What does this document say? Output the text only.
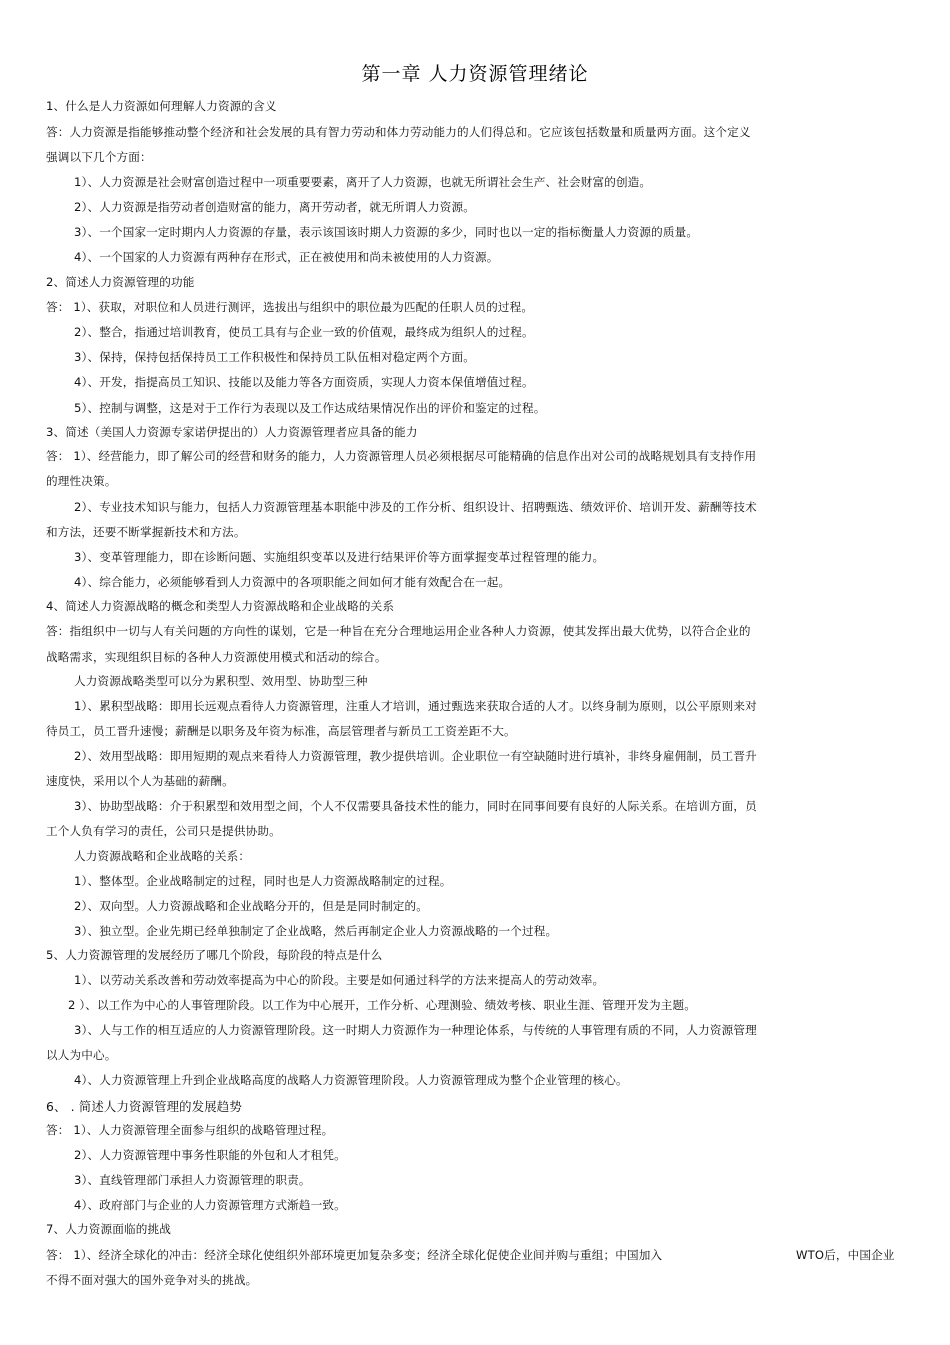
第一章 人力资源管理绪论
1、什么是人力资源如何理解人力资源的含义
答：人力资源是指能够推动整个经济和社会发展的具有智力劳动和体力劳动能力的人们得总和。它应该包括数量和质量两方面。这个定义
强调以下几个方面：
1）、人力资源是社会财富创造过程中一项重要要素，离开了人力资源，也就无所谓社会生产、社会财富的创造。
2）、人力资源是指劳动者创造财富的能力，离开劳动者，就无所谓人力资源。
3）、一个国家一定时期内人力资源的存量，表示该国该时期人力资源的多少，同时也以一定的指标衡量人力资源的质量。
4）、一个国家的人力资源有两种存在形式，正在被使用和尚未被使用的人力资源。
2、简述人力资源管理的功能
答： 1）、获取，对职位和人员进行测评，选拔出与组织中的职位最为匹配的任职人员的过程。
2）、整合，指通过培训教育，使员工具有与企业一致的价值观，最终成为组织人的过程。
3）、保持，保持包括保持员工工作积极性和保持员工队伍相对稳定两个方面。
4）、开发，指提高员工知识、技能以及能力等各方面资质，实现人力资本保值增值过程。
5）、控制与调整，这是对于工作行为表现以及工作达成结果情况作出的评价和鉴定的过程。
3、简述（美国人力资源专家诺伊提出的）人力资源管理者应具备的能力
答： 1）、经营能力，即了解公司的经营和财务的能力，人力资源管理人员必须根据尽可能精确的信息作出对公司的战略规划具有支持作用
的理性决策。
2）、专业技术知识与能力，包括人力资源管理基本职能中涉及的工作分析、组织设计、招聘甄选、绩效评价、培训开发、薪酬等技术
和方法，还要不断掌握新技术和方法。
3）、变革管理能力，即在诊断问题、实施组织变革以及进行结果评价等方面掌握变革过程管理的能力。
4）、综合能力，必须能够看到人力资源中的各项职能之间如何才能有效配合在一起。
4、简述人力资源战略的概念和类型人力资源战略和企业战略的关系
答：指组织中一切与人有关问题的方向性的谋划，它是一种旨在充分合理地运用企业各种人力资源，使其发挥出最大优势，以符合企业的
战略需求，实现组织目标的各种人力资源使用模式和活动的综合。
人力资源战略类型可以分为累积型、效用型、协助型三种
1）、累积型战略：即用长远观点看待人力资源管理，注重人才培训，通过甄选来获取合适的人才。以终身制为原则，以公平原则来对
待员工，员工晋升速慢；薪酬是以职务及年资为标准，高层管理者与新员工工资差距不大。
2）、效用型战略：即用短期的观点来看待人力资源管理，教少提供培训。企业职位一有空缺随时进行填补，非终身雇佣制，员工晋升
速度快，采用以个人为基础的薪酬。
3）、协助型战略：介于积累型和效用型之间，个人不仅需要具备技术性的能力，同时在同事间要有良好的人际关系。在培训方面，员
工个人负有学习的责任，公司只是提供协助。
人力资源战略和企业战略的关系：
1）、整体型。企业战略制定的过程，同时也是人力资源战略制定的过程。
2）、双向型。人力资源战略和企业战略分开的，但是是同时制定的。
3）、独立型。企业先期已经单独制定了企业战略，然后再制定企业人力资源战略的一个过程。
5、人力资源管理的发展经历了哪几个阶段，每阶段的特点是什么
1）、以劳动关系改善和劳动效率提高为中心的阶段。主要是如何通过科学的方法来提高人的劳动效率。
2 ）、以工作为中心的人事管理阶段。以工作为中心展开，工作分析、心理测验、绩效考核、职业生涯、管理开发为主题。
3）、人与工作的相互适应的人力资源管理阶段。这一时期人力资源作为一种理论体系，与传统的人事管理有质的不同，人力资源管理
以人为中心。
4）、人力资源管理上升到企业战略高度的战略人力资源管理阶段。人力资源管理成为整个企业管理的核心。
6、 . 简述人力资源管理的发展趋势
答： 1）、人力资源管理全面参与组织的战略管理过程。
2）、人力资源管理中事务性职能的外包和人才租凭。
3）、直线管理部门承担人力资源管理的职责。
4）、政府部门与企业的人力资源管理方式渐趋一致。
7、人力资源面临的挑战
答： 1）、经济全球化的冲击：经济全球化使组织外部环境更加复杂多变；经济全球化促使企业间并购与重组；中国加入	WTO后，中国企业
不得不面对强大的国外竞争对头的挑战。
